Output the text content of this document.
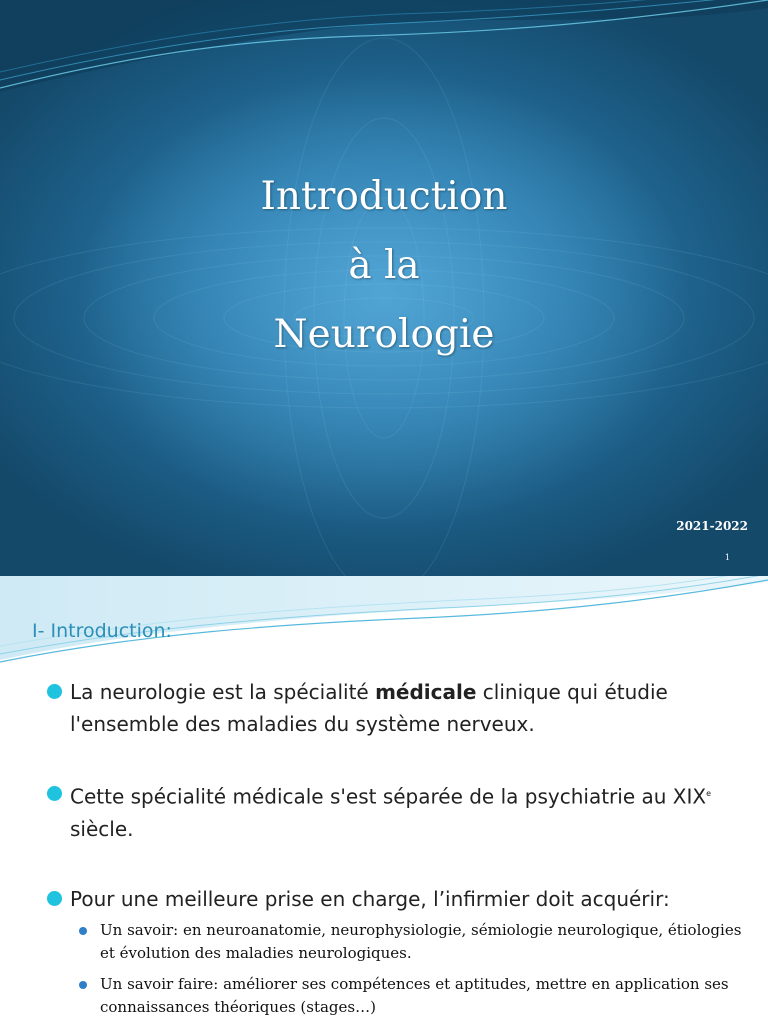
Introduction
à la
Neurologie
2021-2022
1
I- Introduction:
La neurologie est la spécialité médicale clinique qui étudie l'ensemble des maladies du système nerveux.
Cette spécialité médicale s'est séparée de la psychiatrie au XIXe siècle.
Pour une meilleure prise en charge, l’infirmier doit acquérir:
Un savoir: en neuroanatomie, neurophysiologie, sémiologie neurologique, étiologies et évolution des maladies neurologiques.
Un savoir faire: améliorer ses compétences et aptitudes, mettre en application ses connaissances théoriques (stages…)
